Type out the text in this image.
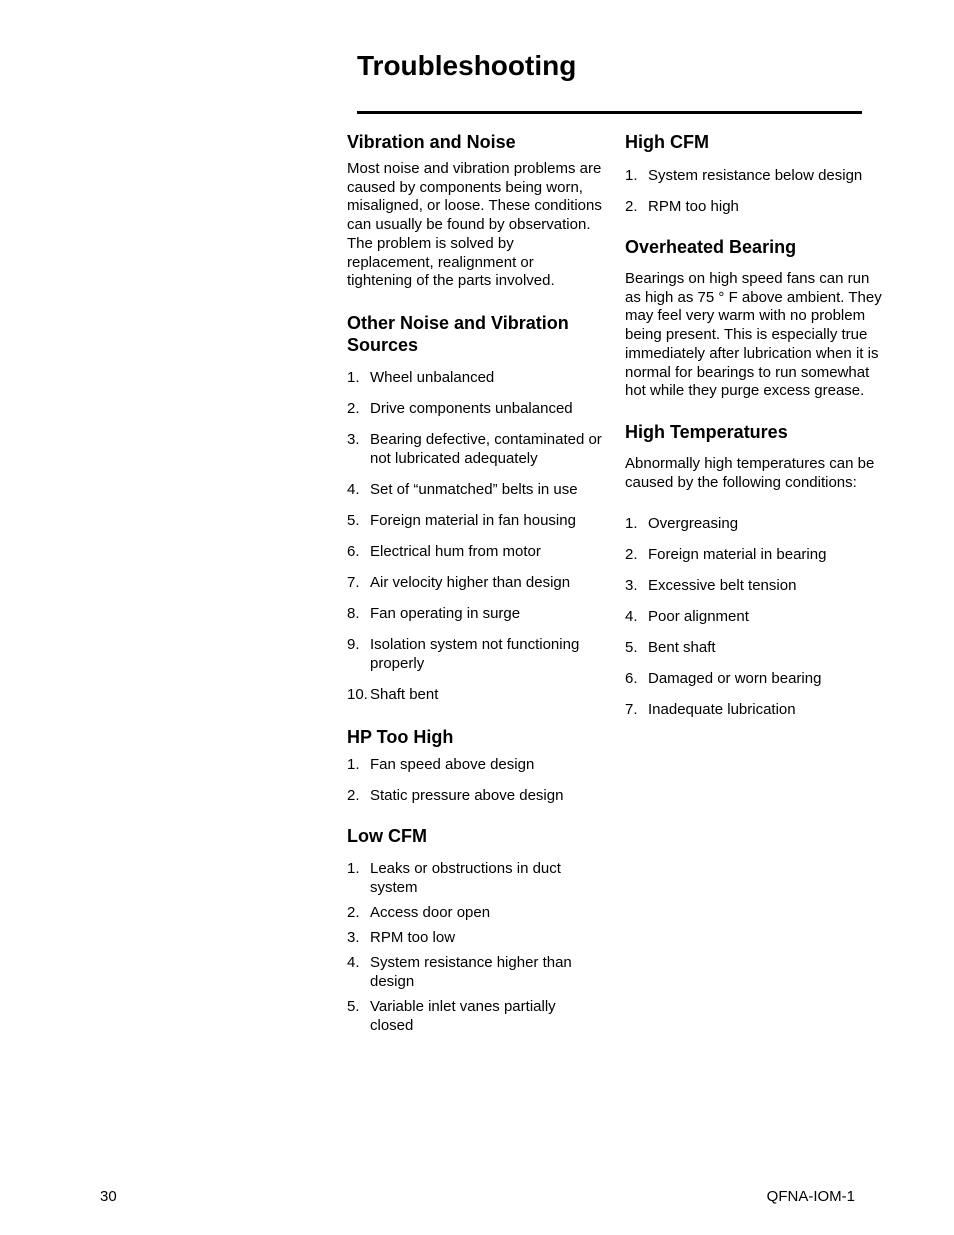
Troubleshooting
Vibration and Noise

Most noise and vibration problems are caused by components being worn, misaligned, or loose. These conditions can usually be found by observation. The problem is solved by replacement, realignment or tightening of the parts involved.

Other Noise and Vibration Sources
1. Wheel unbalanced
2. Drive components unbalanced
3. Bearing defective, contaminated or not lubricated adequately
4. Set of “unmatched” belts in use
5. Foreign material in fan housing
6. Electrical hum from motor
7. Air velocity higher than design
8. Fan operating in surge
9. Isolation system not functioning properly
10. Shaft bent
HP Too High
1. Fan speed above design
2. Static pressure above design
Low CFM
1. Leaks or obstructions in duct system
2. Access door open
3. RPM too low
4. System resistance higher than design
5. Variable inlet vanes partially closed
High CFM
1. System resistance below design
2. RPM too high
Overheated Bearing

Bearings on high speed fans can run as high as 75 ° F above ambient. They may feel very warm with no problem being present. This is especially true immediately after lubrication when it is normal for bearings to run somewhat hot while they purge excess grease.

High Temperatures

Abnormally high temperatures can be caused by the following conditions:

1. Overgreasing
2. Foreign material in bearing
3. Excessive belt tension
4. Poor alignment
5. Bent shaft
6. Damaged or worn bearing
7. Inadequate lubrication
30	QFNA-IOM-1
